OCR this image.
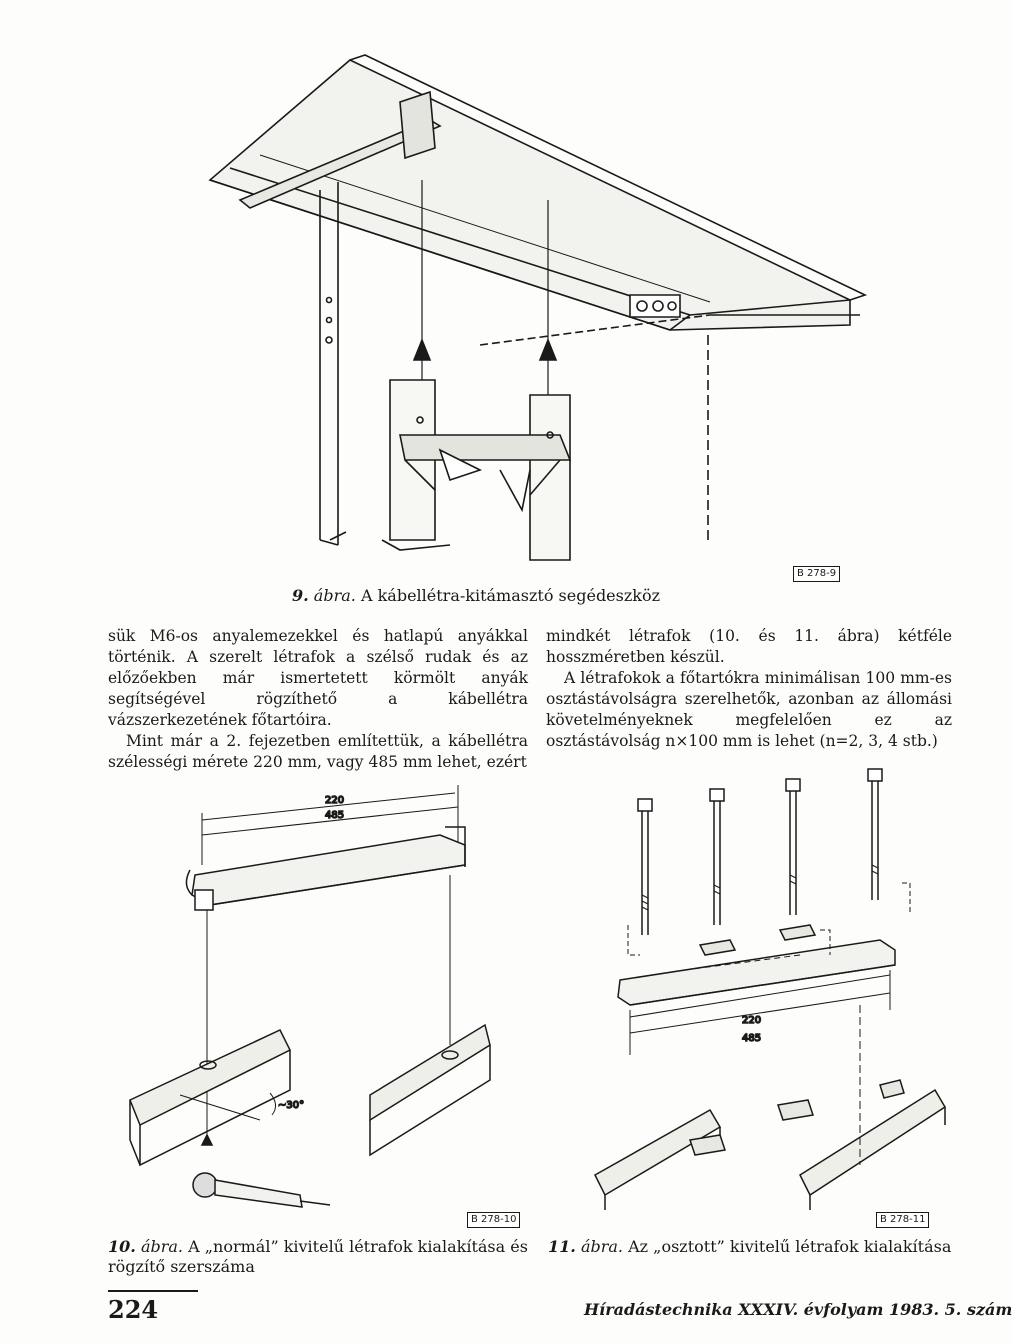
B 278-9
9. ábra. A kábellétra-kitámasztó segédeszköz

sük M6-os anyalemezekkel és hatlapú anyákkal történik. A szerelt létrafok a szélső rudak és az előzőekben már ismertetett körmölt anyák segítségével rögzíthető a kábellétra vázszerkezetének főtartóira.

Mint már a 2. fejezetben említettük, a kábellétra szélességi mérete 220 mm, vagy 485 mm lehet, ezért

mindkét létrafok (10. és 11. ábra) kétféle hosszméretben készül.

A létrafokok a főtartókra minimálisan 100 mm-es osztástávolságra szerelhetők, azonban az állomási követelményeknek megfelelően ez az osztástávolság n×100 mm is lehet (n=2, 3, 4 stb.)

220
485
~30°
B 278-10
10. ábra. A „normál” kivitelű létrafok kialakítása és
rögzítő szerszáma
220
485
B 278-11
11. ábra. Az „osztott” kivitelű létrafok kialakítása
224	Híradástechnika XXXIV. évfolyam 1983. 5. szám
